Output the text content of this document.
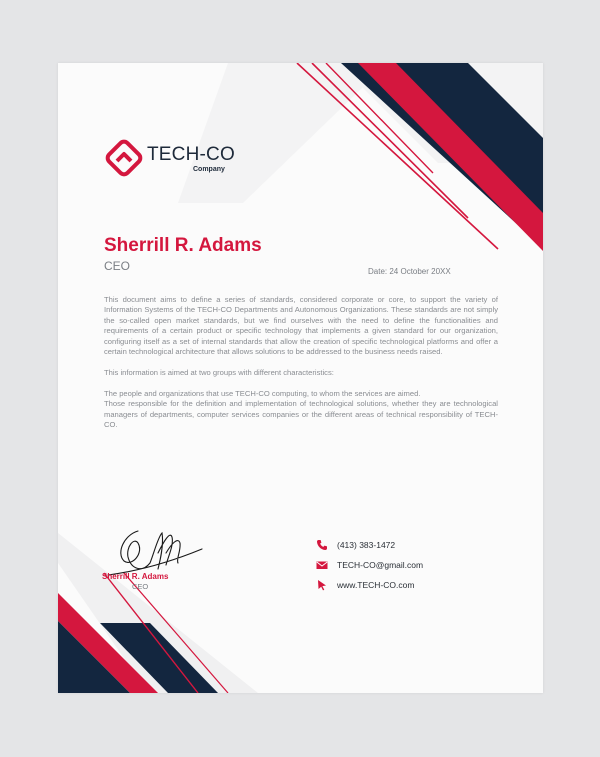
TECH-CO
Company
Sherrill R. Adams
CEO	Date: 24 October 20XX

This document aims to define a series of standards, considered corporate or core, to support the variety of Information Systems of the TECH-CO Departments and Autonomous Organizations. These standards are not simply the so-called open market standards, but we find ourselves with the need to define the functionalities and requirements of a certain product or specific technology that implements a given standard for our organization, configuring itself as a set of internal standards that allow the creation of specific technological platforms and offer a certain technological architecture that allows solutions to be addressed to the business needs raised.

This information is aimed at two groups with different characteristics:

The people and organizations that use TECH-CO computing, to whom the services are aimed.

Those responsible for the definition and implementation of technological solutions, whether they are technological managers of departments, computer services companies or the different areas of technical responsibility of TECH-CO.

Sherrill R. Adams
CEO
(413) 383-1472
TECH-CO@gmail.com
www.TECH-CO.com
